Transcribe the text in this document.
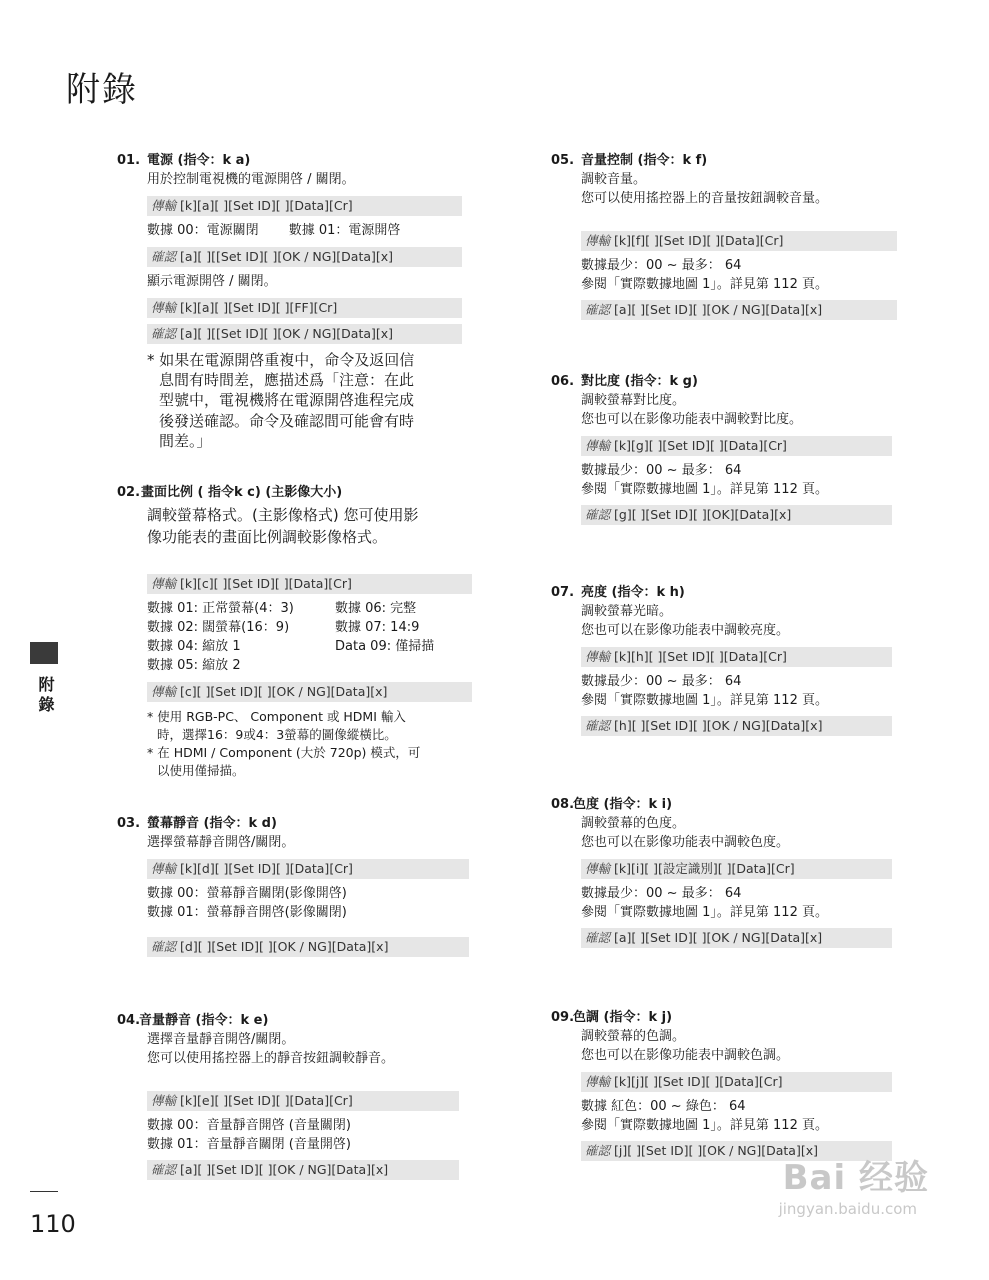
附錄
附錄
110
01. 電源 (指令：k a)
用於控制電視機的電源開啓 / 關閉。
傳輸 [k][a][ ][Set ID][ ][Data][Cr]
數據 00：電源關閉 數據 01：電源開啓
確認 [a][ ][[Set ID][ ][OK / NG][Data][x]
顯示電源開啓 / 關閉。
傳輸 [k][a][ ][Set ID][ ][FF][Cr]
確認 [a][ ][[Set ID][ ][OK / NG][Data][x]
* 如果在電源開啓重複中，命令及返回信
息間有時間差，應描述爲「注意：在此
型號中，電視機將在電源開啓進程完成
後發送確認。命令及確認間可能會有時
間差。」
02.畫面比例 ( 指令k c) (主影像大小)
調較螢幕格式。(主影像格式) 您可使用影
像功能表的畫面比例調較影像格式。
傳輸 [k][c][ ][Set ID][ ][Data][Cr]
數據 01: 正常螢幕(4：3)
數據 02: 闊螢幕(16：9)
數據 04: 縮放 1
數據 05: 縮放 2
數據 06: 完整
數據 07: 14:9
Data 09: 僅掃描
傳輸 [c][ ][Set ID][ ][OK / NG][Data][x]
* 使用 RGB-PC、 Component 或 HDMI 輸入
時，選擇16：9或4：3螢幕的圖像縱橫比。
* 在 HDMI / Component (大於 720p) 模式，可
以使用僅掃描。
03. 螢幕靜音 (指令：k d)
選擇螢幕靜音開啓/關閉。
傳輸 [k][d][ ][Set ID][ ][Data][Cr]
數據 00：螢幕靜音關閉(影像開啓)
數據 01：螢幕靜音開啓(影像關閉)
確認 [d][ ][Set ID][ ][OK / NG][Data][x]
04.音量靜音 (指令：k e)
選擇音量靜音開啓/關閉。
您可以使用搖控器上的靜音按鈕調較靜音。
傳輸 [k][e][ ][Set ID][ ][Data][Cr]
數據 00：音量靜音開啓 (音量關閉)
數據 01：音量靜音關閉 (音量開啓)
確認 [a][ ][Set ID][ ][OK / NG][Data][x]
05. 音量控制 (指令：k f)
調較音量。
您可以使用搖控器上的音量按鈕調較音量。
傳輸 [k][f][ ][Set ID][ ][Data][Cr]
數據最少：00 ~ 最多： 64
參閱「實際數據地圖 1」。詳見第 112 頁。
確認 [a][ ][Set ID][ ][OK / NG][Data][x]
06. 對比度 (指令：k g)
調較螢幕對比度。
您也可以在影像功能表中調較對比度。
傳輸 [k][g][ ][Set ID][ ][Data][Cr]
數據最少：00 ~ 最多： 64
參閱「實際數據地圖 1」。詳見第 112 頁。
確認 [g][ ][Set ID][ ][OK][Data][x]
07. 亮度 (指令：k h)
調較螢幕光暗。
您也可以在影像功能表中調較亮度。
傳輸 [k][h][ ][Set ID][ ][Data][Cr]
數據最少：00 ~ 最多： 64
參閱「實際數據地圖 1」。詳見第 112 頁。
確認 [h][ ][Set ID][ ][OK / NG][Data][x]
08.色度 (指令：k i)
調較螢幕的色度。
您也可以在影像功能表中調較色度。
傳輸 [k][i][ ][設定識別][ ][Data][Cr]
數據最少：00 ~ 最多： 64
參閱「實際數據地圖 1」。詳見第 112 頁。
確認 [a][ ][Set ID][ ][OK / NG][Data][x]
09.色調 (指令：k j)
調較螢幕的色調。
您也可以在影像功能表中調較色調。
傳輸 [k][j][ ][Set ID][ ][Data][Cr]
數據 紅色：00 ~ 綠色： 64
參閱「實際數據地圖 1」。詳見第 112 頁。
確認 [j][ ][Set ID][ ][OK / NG][Data][x]
Bai 经验
jingyan.baidu.com
